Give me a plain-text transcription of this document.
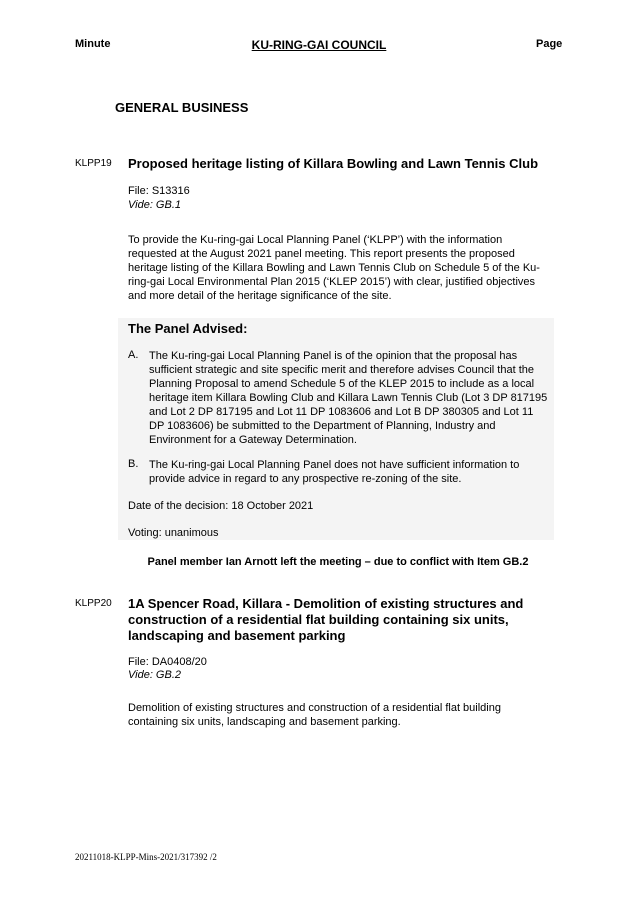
Minute	KU-RING-GAI COUNCIL	Page
GENERAL BUSINESS
KLPP19 Proposed heritage listing of Killara Bowling and Lawn Tennis Club
File: S13316
Vide: GB.1
To provide the Ku-ring-gai Local Planning Panel (‘KLPP’) with the information requested at the August 2021 panel meeting. This report presents the proposed heritage listing of the Killara Bowling and Lawn Tennis Club on Schedule 5 of the Ku-ring-gai Local Environmental Plan 2015 (‘KLEP 2015’) with clear, justified objectives and more detail of the heritage significance of the site.
The Panel Advised:
A. The Ku-ring-gai Local Planning Panel is of the opinion that the proposal has sufficient strategic and site specific merit and therefore advises Council that the Planning Proposal to amend Schedule 5 of the KLEP 2015 to include as a local heritage item Killara Bowling Club and Killara Lawn Tennis Club (Lot 3 DP 817195 and Lot 2 DP 817195 and Lot 11 DP 1083606 and Lot B DP 380305 and Lot 11 DP 1083606) be submitted to the Department of Planning, Industry and Environment for a Gateway Determination.
B. The Ku-ring-gai Local Planning Panel does not have sufficient information to provide advice in regard to any prospective re-zoning of the site.
Date of the decision: 18 October 2021
Voting: unanimous
Panel member Ian Arnott left the meeting – due to conflict with Item GB.2
KLPP20 1A Spencer Road, Killara - Demolition of existing structures and construction of a residential flat building containing six units, landscaping and basement parking
File: DA0408/20
Vide: GB.2
Demolition of existing structures and construction of a residential flat building containing six units, landscaping and basement parking.
20211018-KLPP-Mins-2021/317392 /2
